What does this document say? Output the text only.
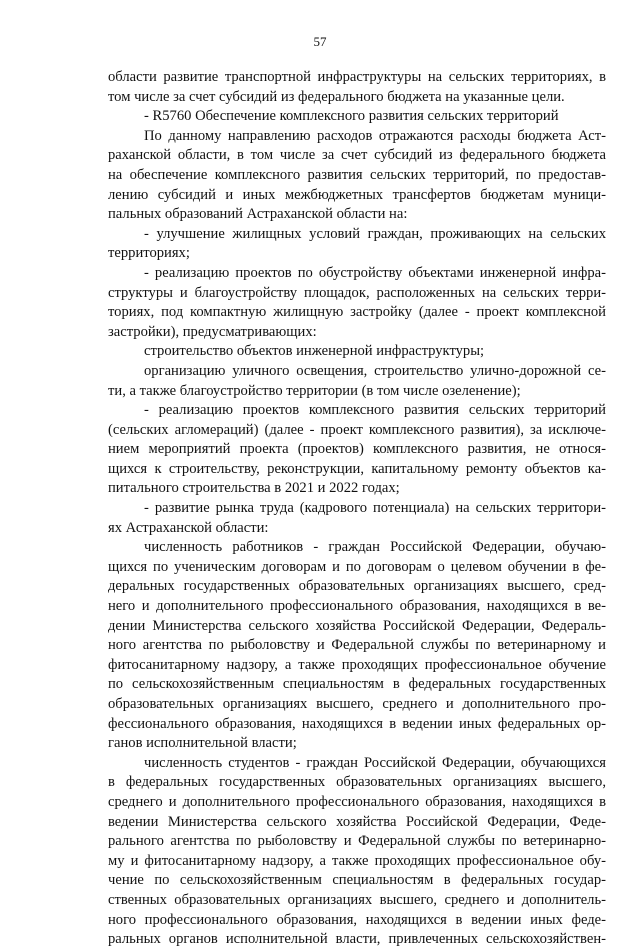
57
области развитие транспортной инфраструктуры на сельских территориях, в
том числе за счет субсидий из федерального бюджета на указанные цели.
- R5760 Обеспечение комплексного развития сельских территорий
По данному направлению расходов отражаются расходы бюджета Аст-
раханской области, в том числе за счет субсидий из федерального бюджета
на обеспечение комплексного развития сельских территорий, по предостав-
лению субсидий и иных межбюджетных трансфертов бюджетам муници-
пальных образований Астраханской области на:
- улучшение жилищных условий граждан, проживающих на сельских
территориях;
- реализацию проектов по обустройству объектами инженерной инфра-
структуры и благоустройству площадок, расположенных на сельских терри-
ториях, под компактную жилищную застройку (далее - проект комплексной
застройки), предусматривающих:
строительство объектов инженерной инфраструктуры;
организацию уличного освещения, строительство улично-дорожной се-
ти, а также благоустройство территории (в том числе озеленение);
- реализацию проектов комплексного развития сельских территорий
(сельских агломераций) (далее - проект комплексного развития), за исключе-
нием мероприятий проекта (проектов) комплексного развития, не относя-
щихся к строительству, реконструкции, капитальному ремонту объектов ка-
питального строительства в 2021 и 2022 годах;
- развитие рынка труда (кадрового потенциала) на сельских территори-
ях Астраханской области:
численность работников - граждан Российской Федерации, обучаю-
щихся по ученическим договорам и по договорам о целевом обучении в фе-
деральных государственных образовательных организациях высшего, сред-
него и дополнительного профессионального образования, находящихся в ве-
дении Министерства сельского хозяйства Российской Федерации, Федераль-
ного агентства по рыболовству и Федеральной службы по ветеринарному и
фитосанитарному надзору, а также проходящих профессиональное обучение
по сельскохозяйственным специальностям в федеральных государственных
образовательных организациях высшего, среднего и дополнительного про-
фессионального образования, находящихся в ведении иных федеральных ор-
ганов исполнительной власти;
численность студентов - граждан Российской Федерации, обучающихся
в федеральных государственных образовательных организациях высшего,
среднего и дополнительного профессионального образования, находящихся в
ведении Министерства сельского хозяйства Российской Федерации, Феде-
рального агентства по рыболовству и Федеральной службы по ветеринарно-
му и фитосанитарному надзору, а также проходящих профессиональное обу-
чение по сельскохозяйственным специальностям в федеральных государ-
ственных образовательных организациях высшего, среднего и дополнитель-
ного профессионального образования, находящихся в ведении иных феде-
ральных органов исполнительной власти, привлеченных сельскохозяйствен-
